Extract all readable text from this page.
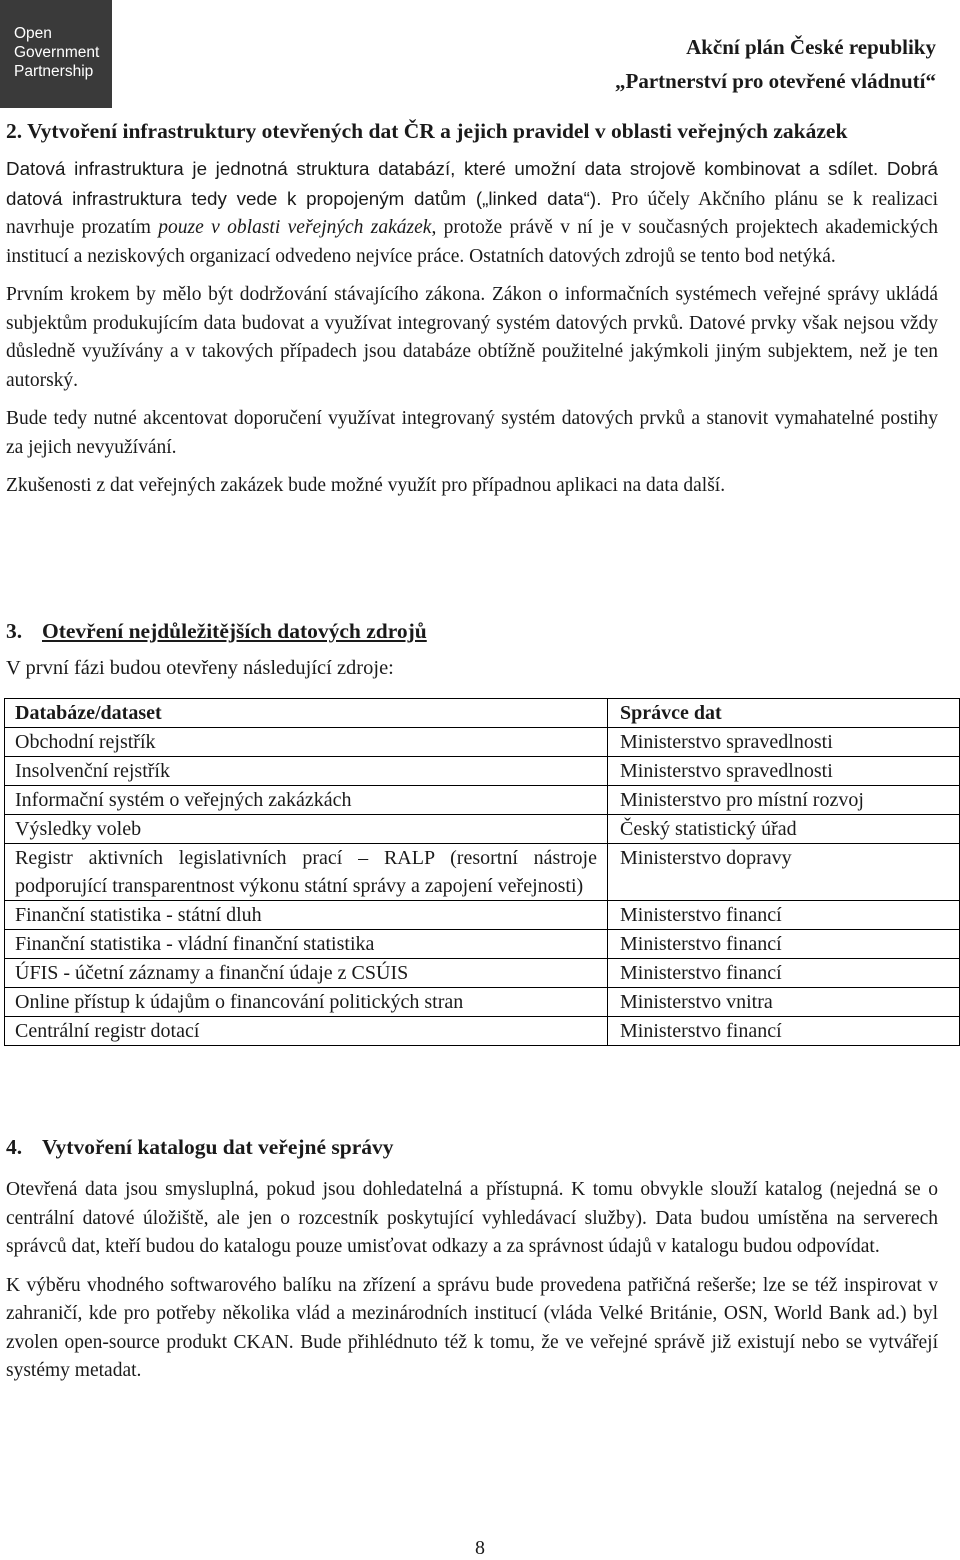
Open
Government
Partnership
Akční plán České republiky
„Partnerství pro otevřené vládnutí“
2. Vytvoření infrastruktury otevřených dat ČR a jejich pravidel v oblasti veřejných zakázek

Datová infrastruktura je jednotná struktura databází, které umožní data strojově kombinovat a sdílet. Dobrá datová infrastruktura tedy vede k propojeným datům („linked data“). Pro účely Akčního plánu se k realizaci navrhuje prozatím pouze v oblasti veřejných zakázek, protože právě v ní je v současných projektech akademických institucí a neziskových organizací odvedeno nejvíce práce. Ostatních datových zdrojů se tento bod netýká.

Prvním krokem by mělo být dodržování stávajícího zákona. Zákon o informačních systémech veřejné správy ukládá subjektům produkujícím data budovat a využívat integrovaný systém datových prvků. Datové prvky však nejsou vždy důsledně využívány a v takových případech jsou databáze obtížně použitelné jakýmkoli jiným subjektem, než je ten autorský.

Bude tedy nutné akcentovat doporučení využívat integrovaný systém datových prvků a stanovit vymahatelné postihy za jejich nevyužívání.

Zkušenosti z dat veřejných zakázek bude možné využít pro případnou aplikaci na data další.

3. Otevření nejdůležitějších datových zdrojů

V první fázi budou otevřeny následující zdroje:

Databáze/dataset	Správce dat
Obchodní rejstřík	Ministerstvo spravedlnosti
Insolvenční rejstřík	Ministerstvo spravedlnosti
Informační systém o veřejných zakázkách	Ministerstvo pro místní rozvoj
Výsledky voleb	Český statistický úřad
Registr aktivních legislativních prací – RALP (resortní nástroje podporující transparentnost výkonu státní správy a zapojení veřejnosti)	Ministerstvo dopravy
Finanční statistika - státní dluh	Ministerstvo financí
Finanční statistika - vládní finanční statistika	Ministerstvo financí
ÚFIS - účetní záznamy a finanční údaje z CSÚIS	Ministerstvo financí
Online přístup k údajům o financování politických stran	Ministerstvo vnitra
Centrální registr dotací	Ministerstvo financí
4. Vytvoření katalogu dat veřejné správy

Otevřená data jsou smysluplná, pokud jsou dohledatelná a přístupná. K tomu obvykle slouží katalog (nejedná se o centrální datové úložiště, ale jen o rozcestník poskytující vyhledávací služby). Data budou umístěna na serverech správců dat, kteří budou do katalogu pouze umisťovat odkazy a za správnost údajů v katalogu budou odpovídat.

K výběru vhodného softwarového balíku na zřízení a správu bude provedena patřičná rešerše; lze se též inspirovat v zahraničí, kde pro potřeby několika vlád a mezinárodních institucí (vláda Velké Británie, OSN, World Bank ad.) byl zvolen open-source produkt CKAN. Bude přihlédnuto též k tomu, že ve veřejné správě již existují nebo se vytvářejí systémy metadat.

8
